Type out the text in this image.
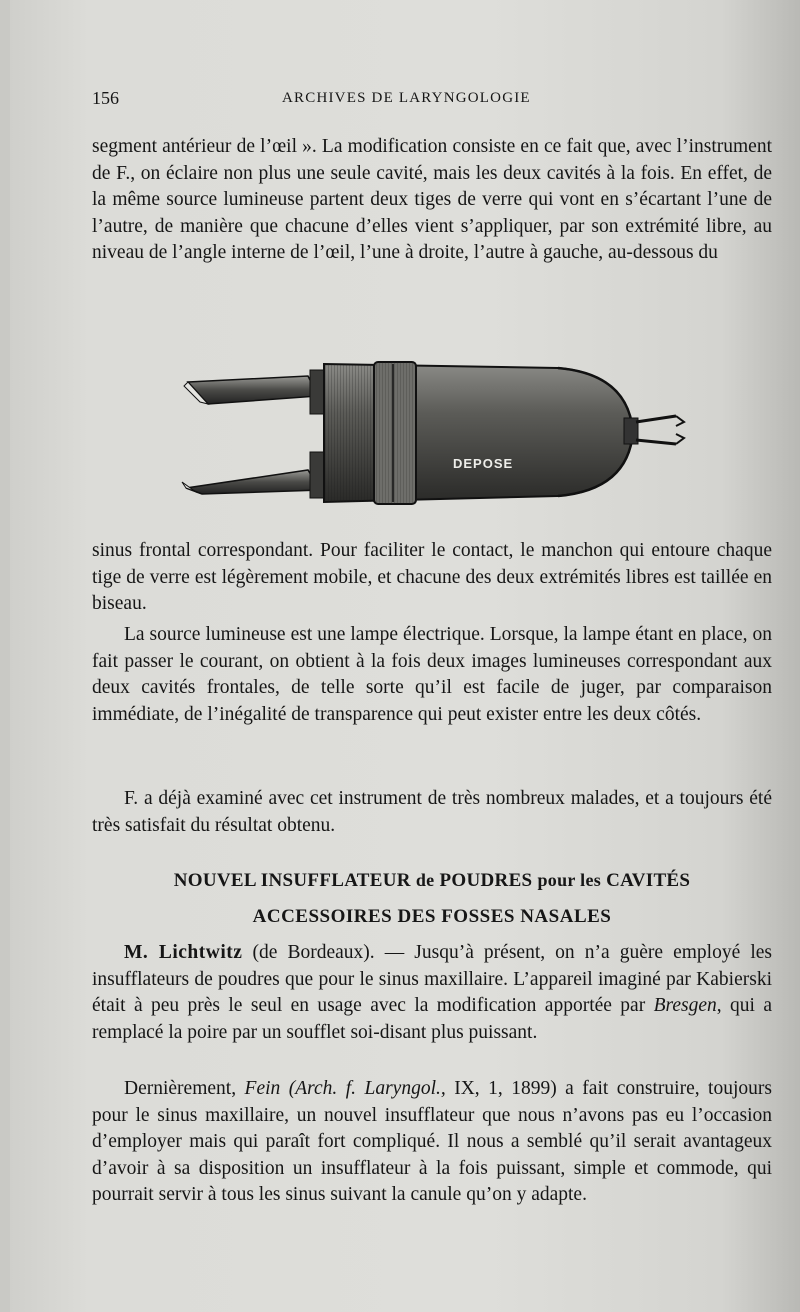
156	ARCHIVES DE LARYNGOLOGIE

segment antérieur de l’œil ». La modification consiste en ce fait que, avec l’instrument de F., on éclaire non plus une seule cavité, mais les deux cavités à la fois. En effet, de la même source lumineuse partent deux tiges de verre qui vont en s’écartant l’une de l’autre, de manière que chacune d’elles vient s’appliquer, par son extrémité libre, au niveau de l’angle interne de l’œil, l’une à droite, l’autre à gauche, au-dessous du

DEPOSE

sinus frontal correspondant. Pour faciliter le contact, le manchon qui entoure chaque tige de verre est légèrement mobile, et chacune des deux extrémités libres est taillée en biseau.

La source lumineuse est une lampe électrique. Lorsque, la lampe étant en place, on fait passer le courant, on obtient à la fois deux images lumineuses correspondant aux deux cavités frontales, de telle sorte qu’il est facile de juger, par comparaison immédiate, de l’inégalité de transparence qui peut exister entre les deux côtés.

F. a déjà examiné avec cet instrument de très nombreux malades, et a toujours été très satisfait du résultat obtenu.

NOUVEL INSUFFLATEUR de POUDRES pour les CAVITÉS
ACCESSOIRES DES FOSSES NASALES

M. Lichtwitz (de Bordeaux). — Jusqu’à présent, on n’a guère employé les insufflateurs de poudres que pour le sinus maxillaire. L’appareil imaginé par Kabierski était à peu près le seul en usage avec la modification apportée par Bresgen, qui a remplacé la poire par un soufflet soi-disant plus puissant.

Dernièrement, Fein (Arch. f. Laryngol., IX, 1, 1899) a fait construire, toujours pour le sinus maxillaire, un nouvel insufflateur que nous n’avons pas eu l’occasion d’employer mais qui paraît fort compliqué. Il nous a semblé qu’il serait avantageux d’avoir à sa disposition un insufflateur à la fois puissant, simple et commode, qui pourrait servir à tous les sinus suivant la canule qu’on y adapte.
